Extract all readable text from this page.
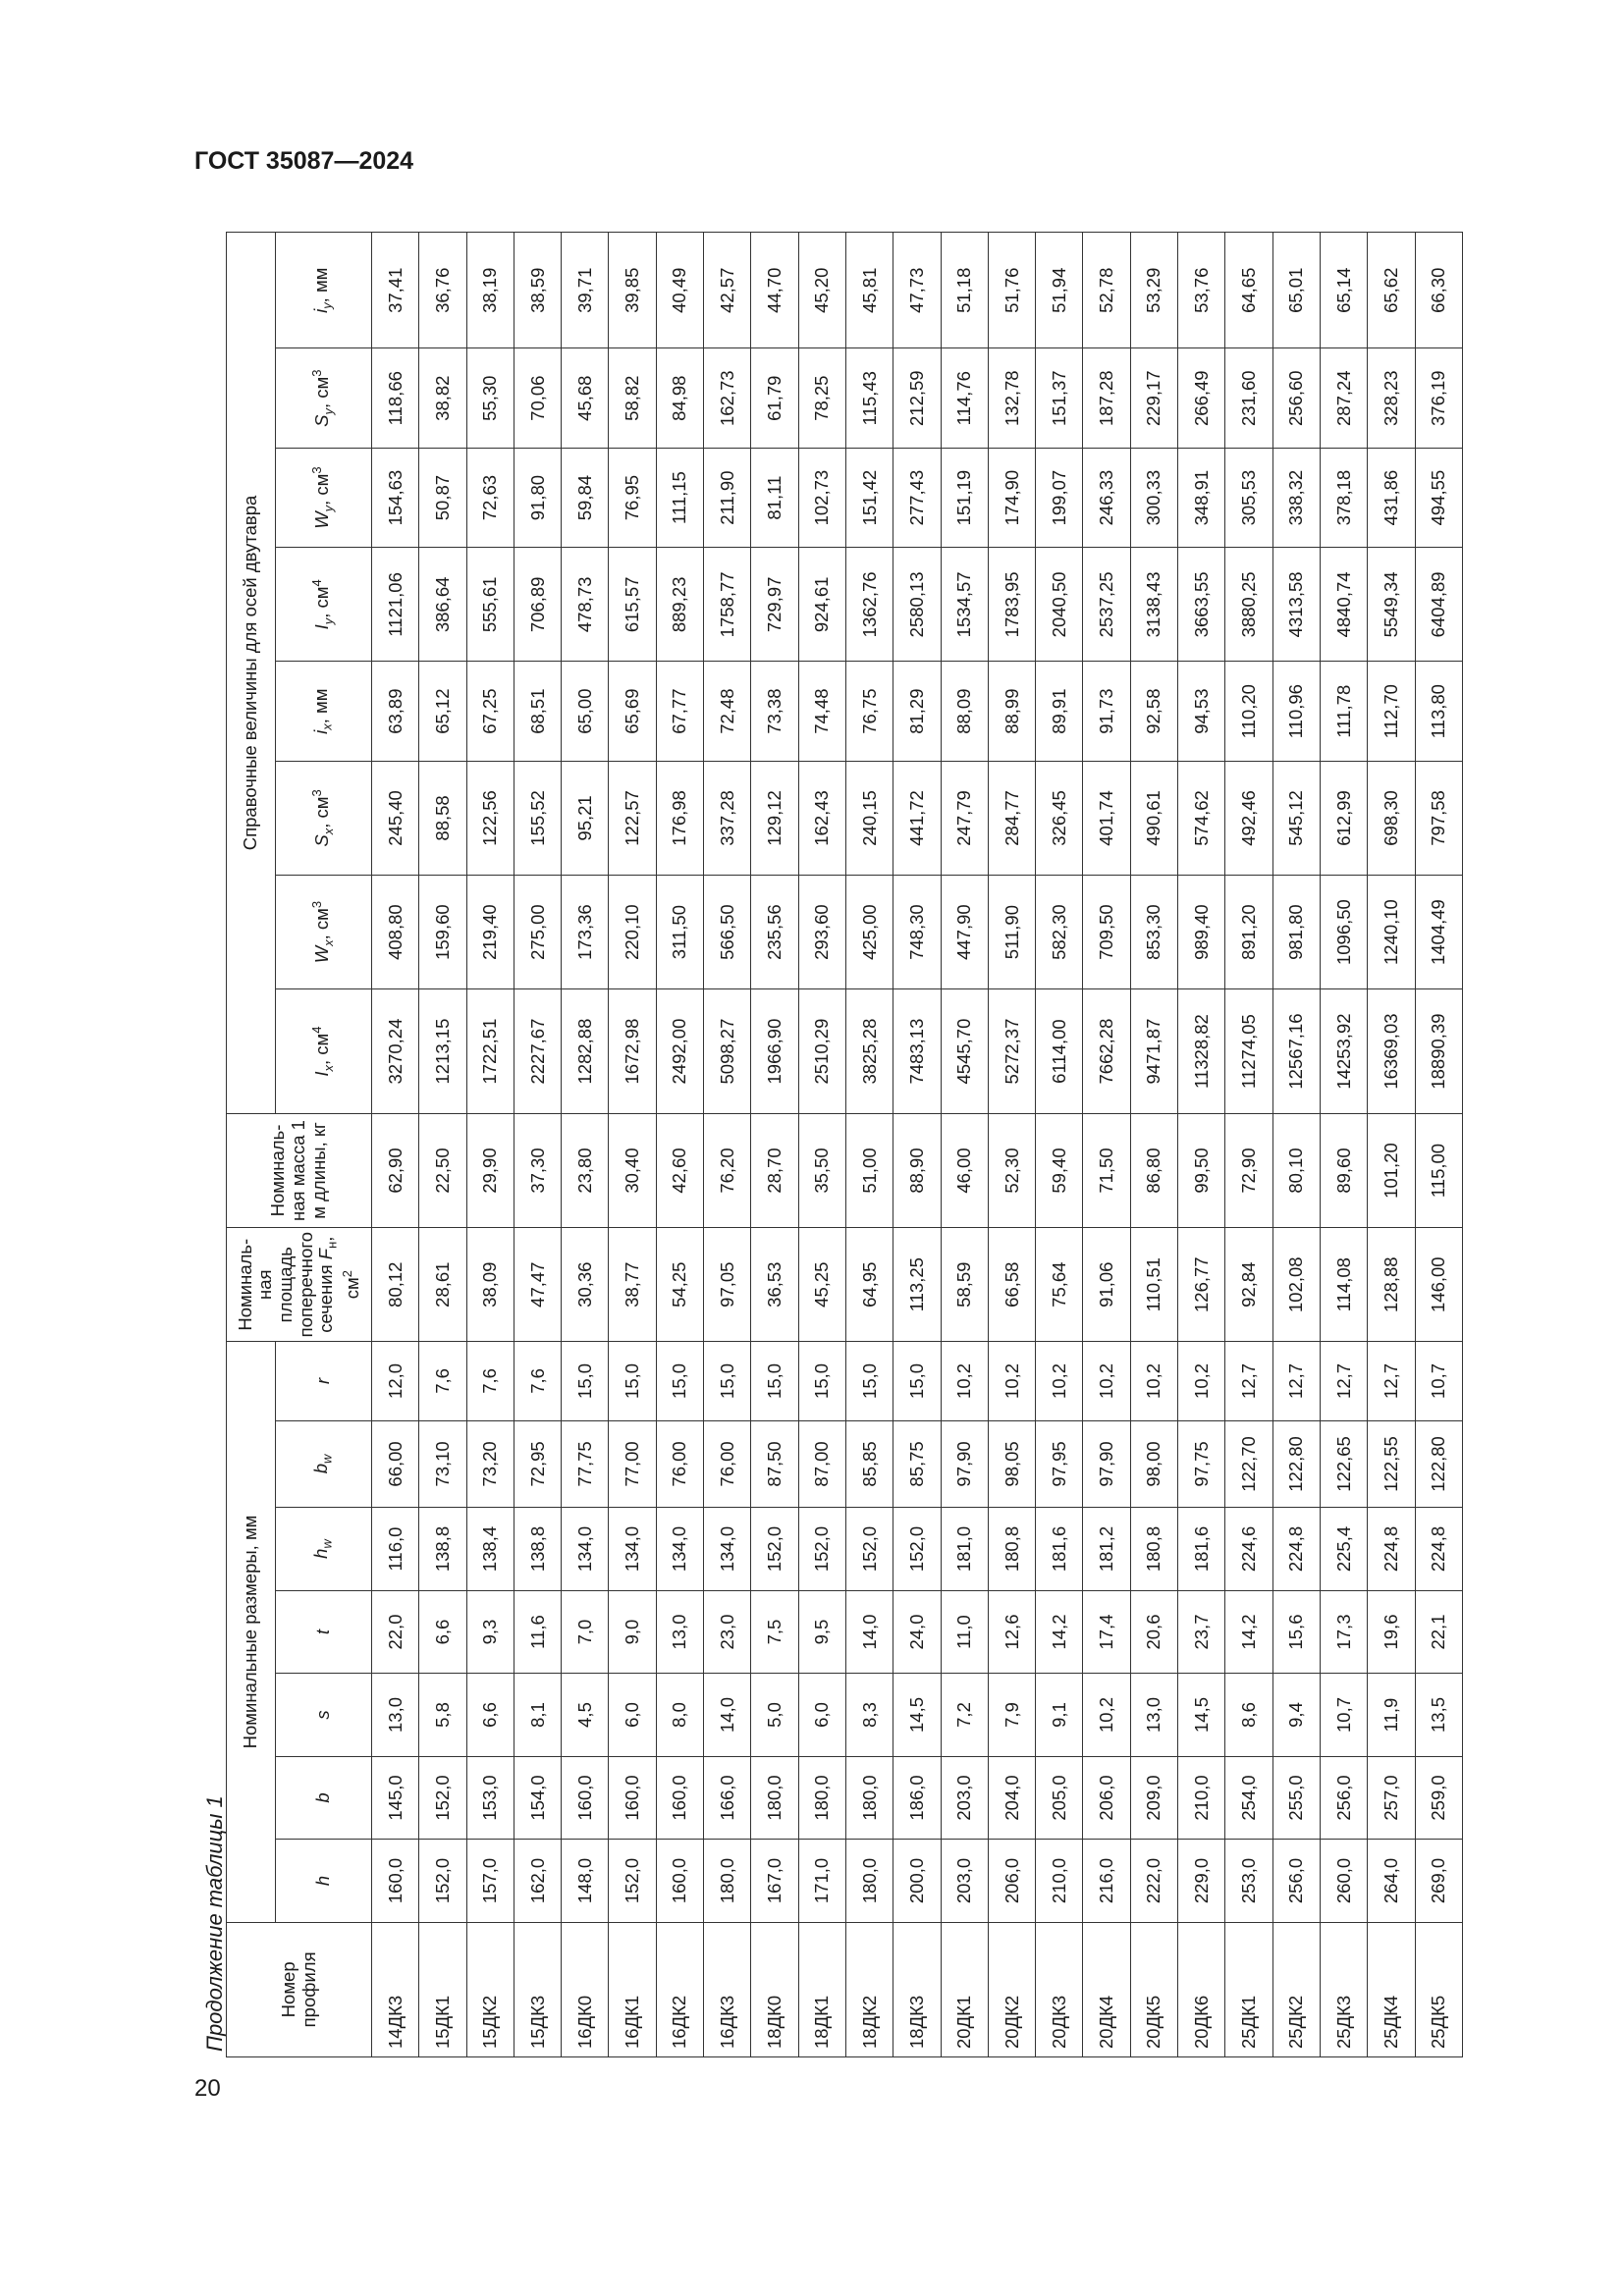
ГОСТ 35087—2024
20
Продолжение таблицы 1	Номер профиля	Номинальные размеры, мм							Номиналь-ная площадь поперечного сечения $F_н$, $см^2$	Номиналь-ная масса 1 м длины, кг	Справочные величины для осей двутавра							
	h	b	s	t	$h_w$	$b_w$	r			$I_x$, $см^4$	$W_x$, $см^3$	$S_x$, $см^3$	$i_x$, мм	$I_y$, $см^4$	$W_y$, $см^3$	$S_y$, $см^3$	$i_y$, мм
14ДК3	160,0	145,0	13,0	22,0	116,0	66,00	12,0	80,12	62,90	3270,24	408,80	245,40	63,89	1121,06	154,63	118,66	37,41
15ДК1	152,0	152,0	5,8	6,6	138,8	73,10	7,6	28,61	22,50	1213,15	159,60	88,58	65,12	386,64	50,87	38,82	36,76
15ДК2	157,0	153,0	6,6	9,3	138,4	73,20	7,6	38,09	29,90	1722,51	219,40	122,56	67,25	555,61	72,63	55,30	38,19
15ДК3	162,0	154,0	8,1	11,6	138,8	72,95	7,6	47,47	37,30	2227,67	275,00	155,52	68,51	706,89	91,80	70,06	38,59
16ДК0	148,0	160,0	4,5	7,0	134,0	77,75	15,0	30,36	23,80	1282,88	173,36	95,21	65,00	478,73	59,84	45,68	39,71
16ДК1	152,0	160,0	6,0	9,0	134,0	77,00	15,0	38,77	30,40	1672,98	220,10	122,57	65,69	615,57	76,95	58,82	39,85
16ДК2	160,0	160,0	8,0	13,0	134,0	76,00	15,0	54,25	42,60	2492,00	311,50	176,98	67,77	889,23	111,15	84,98	40,49
16ДК3	180,0	166,0	14,0	23,0	134,0	76,00	15,0	97,05	76,20	5098,27	566,50	337,28	72,48	1758,77	211,90	162,73	42,57
18ДК0	167,0	180,0	5,0	7,5	152,0	87,50	15,0	36,53	28,70	1966,90	235,56	129,12	73,38	729,97	81,11	61,79	44,70
18ДК1	171,0	180,0	6,0	9,5	152,0	87,00	15,0	45,25	35,50	2510,29	293,60	162,43	74,48	924,61	102,73	78,25	45,20
18ДК2	180,0	180,0	8,3	14,0	152,0	85,85	15,0	64,95	51,00	3825,28	425,00	240,15	76,75	1362,76	151,42	115,43	45,81
18ДК3	200,0	186,0	14,5	24,0	152,0	85,75	15,0	113,25	88,90	7483,13	748,30	441,72	81,29	2580,13	277,43	212,59	47,73
20ДК1	203,0	203,0	7,2	11,0	181,0	97,90	10,2	58,59	46,00	4545,70	447,90	247,79	88,09	1534,57	151,19	114,76	51,18
20ДК2	206,0	204,0	7,9	12,6	180,8	98,05	10,2	66,58	52,30	5272,37	511,90	284,77	88,99	1783,95	174,90	132,78	51,76
20ДК3	210,0	205,0	9,1	14,2	181,6	97,95	10,2	75,64	59,40	6114,00	582,30	326,45	89,91	2040,50	199,07	151,37	51,94
20ДК4	216,0	206,0	10,2	17,4	181,2	97,90	10,2	91,06	71,50	7662,28	709,50	401,74	91,73	2537,25	246,33	187,28	52,78
20ДК5	222,0	209,0	13,0	20,6	180,8	98,00	10,2	110,51	86,80	9471,87	853,30	490,61	92,58	3138,43	300,33	229,17	53,29
20ДК6	229,0	210,0	14,5	23,7	181,6	97,75	10,2	126,77	99,50	11328,82	989,40	574,62	94,53	3663,55	348,91	266,49	53,76
25ДК1	253,0	254,0	8,6	14,2	224,6	122,70	12,7	92,84	72,90	11274,05	891,20	492,46	110,20	3880,25	305,53	231,60	64,65
25ДК2	256,0	255,0	9,4	15,6	224,8	122,80	12,7	102,08	80,10	12567,16	981,80	545,12	110,96	4313,58	338,32	256,60	65,01
25ДК3	260,0	256,0	10,7	17,3	225,4	122,65	12,7	114,08	89,60	14253,92	1096,50	612,99	111,78	4840,74	378,18	287,24	65,14
25ДК4	264,0	257,0	11,9	19,6	224,8	122,55	12,7	128,88	101,20	16369,03	1240,10	698,30	112,70	5549,34	431,86	328,23	65,62
25ДК5	269,0	259,0	13,5	22,1	224,8	122,80	10,7	146,00	115,00	18890,39	1404,49	797,58	113,80	6404,89	494,55	376,19	66,30
